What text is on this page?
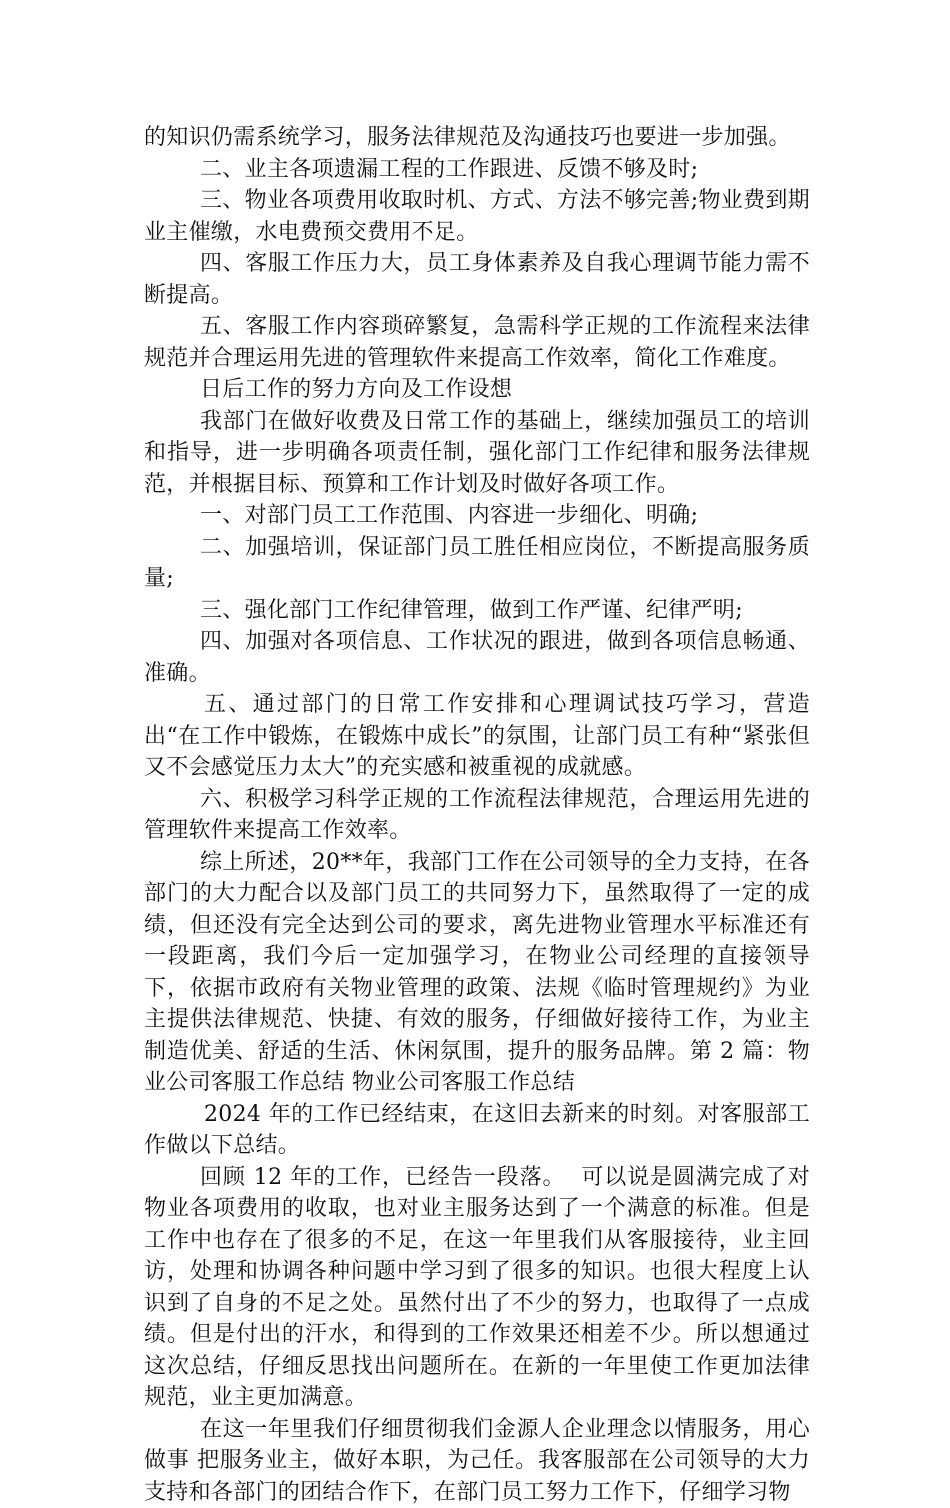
的知识仍需系统学习，服务法律规范及沟通技巧也要进一步加强。

二、业主各项遗漏工程的工作跟进、反馈不够及时;

三、物业各项费用收取时机、方式、方法不够完善;物业费到期业主催缴，水电费预交费用不足。

四、客服工作压力大，员工身体素养及自我心理调节能力需不断提高。

五、客服工作内容琐碎繁复，急需科学正规的工作流程来法律规范并合理运用先进的管理软件来提高工作效率，简化工作难度。

日后工作的努力方向及工作设想

我部门在做好收费及日常工作的基础上，继续加强员工的培训和指导，进一步明确各项责任制，强化部门工作纪律和服务法律规范，并根据目标、预算和工作计划及时做好各项工作。

一、对部门员工工作范围、内容进一步细化、明确;

二、加强培训，保证部门员工胜任相应岗位，不断提高服务质量;

三、强化部门工作纪律管理，做到工作严谨、纪律严明;

四、加强对各项信息、工作状况的跟进，做到各项信息畅通、准确。

五、通过部门的日常工作安排和心理调试技巧学习，营造出“在工作中锻炼，在锻炼中成长”的氛围，让部门员工有种“紧张但又不会感觉压力太大”的充实感和被重视的成就感。

六、积极学习科学正规的工作流程法律规范，合理运用先进的管理软件来提高工作效率。

综上所述，20**年，我部门工作在公司领导的全力支持，在各部门的大力配合以及部门员工的共同努力下，虽然取得了一定的成绩，但还没有完全达到公司的要求，离先进物业管理水平标准还有一段距离，我们今后一定加强学习，在物业公司经理的直接领导下，依据市政府有关物业管理的政策、法规《临时管理规约》为业主提供法律规范、快捷、有效的服务，仔细做好接待工作，为业主制造优美、舒适的生活、休闲氛围，提升的服务品牌。第 2 篇：物业公司客服工作总结 物业公司客服工作总结

2024 年的工作已经结束，在这旧去新来的时刻。对客服部工作做以下总结。

回顾 12 年的工作，已经告一段落。  可以说是圆满完成了对物业各项费用的收取，也对业主服务达到了一个满意的标准。但是工作中也存在了很多的不足，在这一年里我们从客服接待，业主回访，处理和协调各种问题中学习到了很多的知识。也很大程度上认识到了自身的不足之处。虽然付出了不少的努力，也取得了一点成绩。但是付出的汗水，和得到的工作效果还相差不少。所以想通过这次总结，仔细反思找出问题所在。在新的一年里使工作更加法律规范，业主更加满意。

在这一年里我们仔细贯彻我们金源人企业理念以情服务，用心做事 把服务业主，做好本职，为己任。我客服部在公司领导的大力支持和各部门的团结合作下，在部门员工努力工作下，仔细学习物
